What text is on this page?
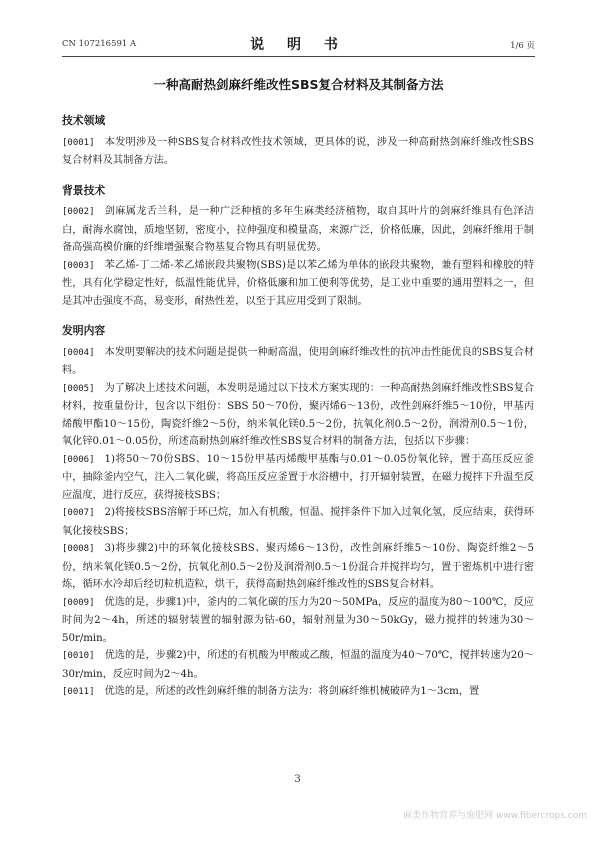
CN 107216591 A	说 明 书	1/6 页
一种高耐热剑麻纤维改性SBS复合材料及其制备方法
技术领域

[0001] 本发明涉及一种SBS复合材料改性技术领域，更具体的说，涉及一种高耐热剑麻纤维改性SBS复合材料及其制备方法。

背景技术

[0002] 剑麻属龙舌兰科，是一种广泛种植的多年生麻类经济植物，取自其叶片的剑麻纤维具有色泽洁白，耐海水腐蚀，质地坚韧，密度小，拉伸强度和模量高，来源广泛，价格低廉，因此，剑麻纤维用于制备高强高模价廉的纤维增强聚合物基复合物具有明显优势。

[0003] 苯乙烯-丁二烯-苯乙烯嵌段共聚物(SBS)是以苯乙烯为单体的嵌段共聚物，兼有塑料和橡胶的特性，具有化学稳定性好，低温性能优异，价格低廉和加工便利等优势，是工业中重要的通用塑料之一，但是其冲击强度不高，易变形，耐热性差，以至于其应用受到了限制。

发明内容

[0004] 本发明要解决的技术问题是提供一种耐高温，使用剑麻纤维改性的抗冲击性能优良的SBS复合材料。

[0005] 为了解决上述技术问题，本发明是通过以下技术方案实现的：一种高耐热剑麻纤维改性SBS复合材料，按重量份计，包含以下组份：SBS 50～70份，聚丙烯6～13份，改性剑麻纤维5～10份，甲基丙烯酸甲酯10～15份，陶瓷纤维2～5份，纳米氧化镁0.5～2份，抗氧化剂0.5～2份，润滑剂0.5～1份，氧化锌0.01～0.05份，所述高耐热剑麻纤维改性SBS复合材料的制备方法，包括以下步骤：

[0006] 1)将50～70份SBS、10～15份甲基丙烯酸甲基酯与0.01～0.05份氧化锌，置于高压反应釜中，抽除釜内空气，注入二氧化碳，将高压反应釜置于水浴槽中，打开辐射装置，在磁力搅拌下升温至反应温度，进行反应，获得接枝SBS；

[0007] 2)将接枝SBS溶解于环已烷，加入有机酸，恒温、搅拌条件下加入过氧化氢，反应结束，获得环氧化接枝SBS；

[0008] 3)将步骤2)中的环氧化接枝SBS、聚丙烯6～13份，改性剑麻纤维5～10份、陶瓷纤维2～5份，纳米氧化镁0.5～2份，抗氧化剂0.5～2份及润滑剂0.5～1份混合并搅拌均匀，置于密炼机中进行密炼，循环水冷却后经切粒机造粒，烘干，获得高耐热剑麻纤维改性的SBS复合材料。

[0009] 优选的是，步骤1)中，釜内的二氧化碳的压力为20～50MPa，反应的温度为80～100℃，反应时间为2～4h，所述的辐射装置的辐射源为钴-60，辐射剂量为30～50kGy，磁力搅拌的转速为30～50r/min。

[0010] 优选的是，步骤2)中，所述的有机酸为甲酸或乙酸，恒温的温度为40～70℃，搅拌转速为20～30r/min，反应时间为2～4h。

[0011] 优选的是，所述的改性剑麻纤维的制备方法为：将剑麻纤维机械破碎为1～3cm，置

3
麻类作物营养与施肥网 www.fibercrops.com
